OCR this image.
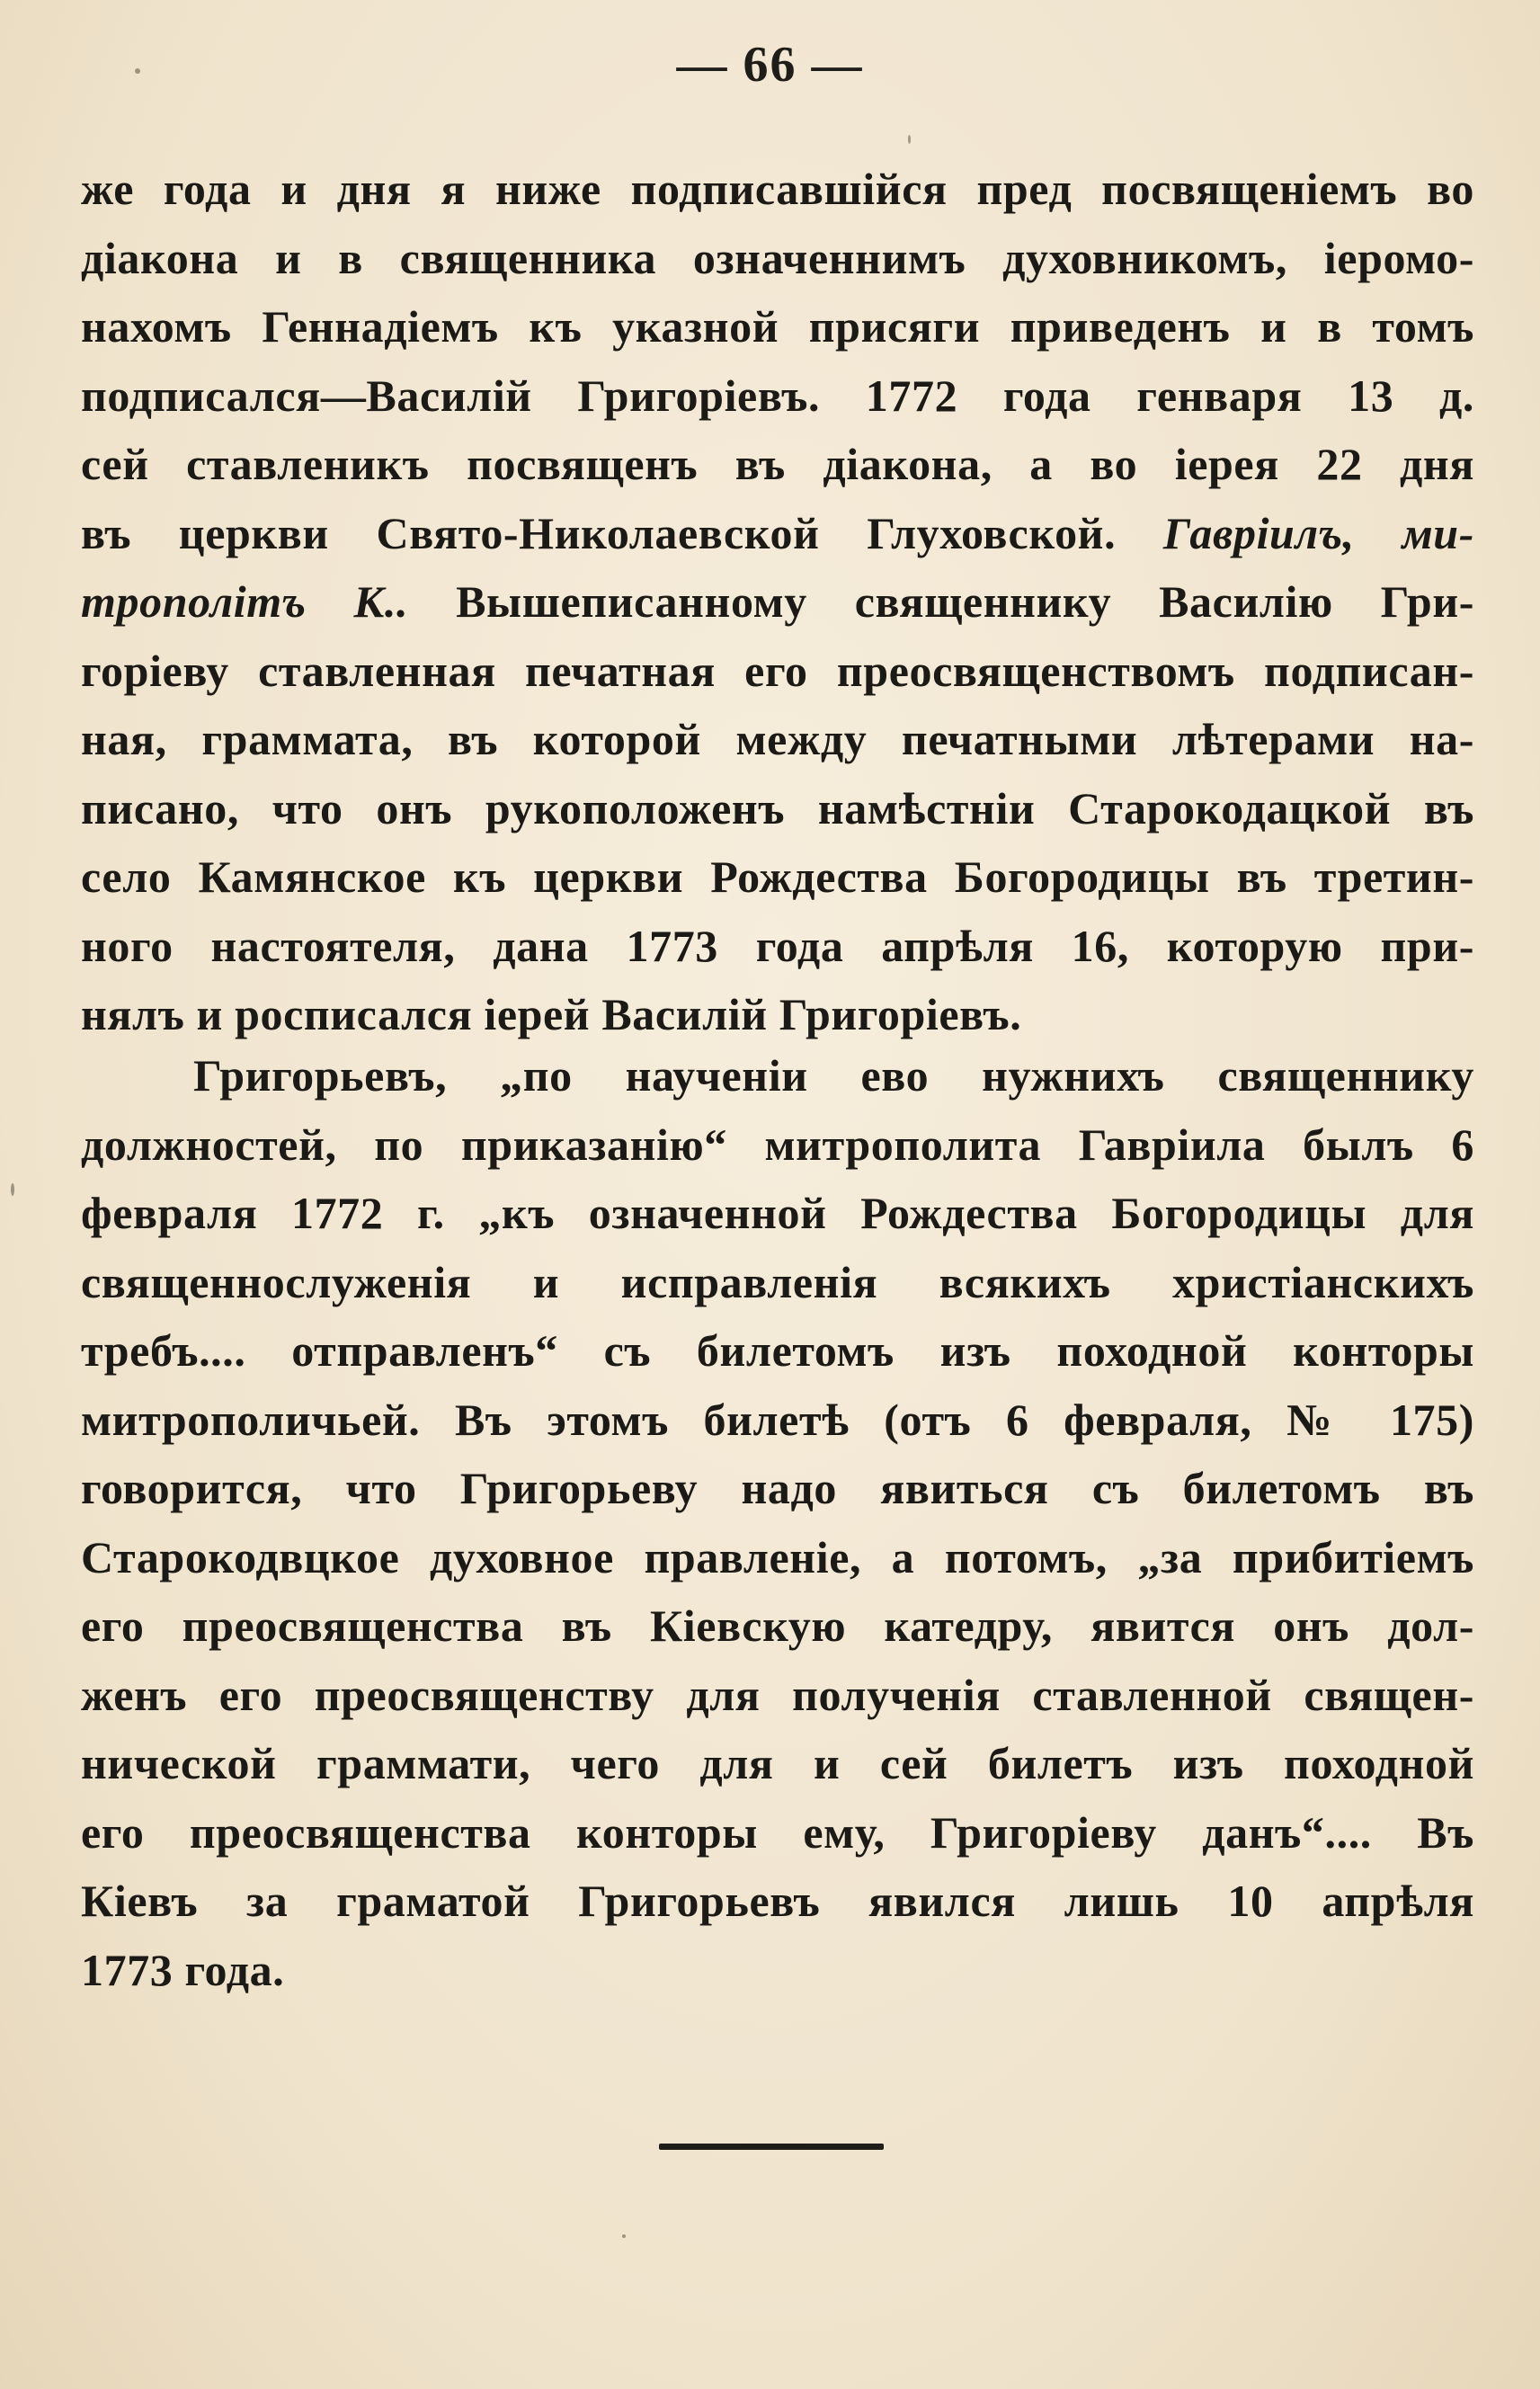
— 66 —
же года и дня я ниже подписавшійся пред посвященіемъ во
діакона и в священника означеннимъ духовникомъ, іеромо-
нахомъ Геннадіемъ къ указной присяги приведенъ и в томъ
подписался—Василій Григоріевъ. 1772 года генваря 13 д.
сей ставленикъ посвященъ въ діакона, а во іерея 22 дня
въ церкви Свято-Николаевской Глуховской. Гавріилъ, ми-
трополітъ К.. Вышеписанному священнику Василію Гри-
горіеву ставленная печатная его преосвященствомъ подписан-
ная, граммата, въ которой между печатными лѣтерами на-
писано, что онъ рукоположенъ намѣстніи Старокодацкой въ
село Камянское къ церкви Рождества Богородицы въ третин-
ного настоятеля, дана 1773 года апрѣля 16, которую при-
нялъ и росписался іерей Василій Григоріевъ.
Григорьевъ, „по наученіи ево нужнихъ священнику
должностей, по приказанію“ митрополита Гавріила былъ 6
февраля 1772 г. „къ означенной Рождества Богородицы для
священнослуженія и исправленія всякихъ христіанскихъ
требъ.... отправленъ“ съ билетомъ изъ походной конторы
митрополичьей. Въ этомъ билетѣ (отъ 6 февраля, № 175)
говорится, что Григорьеву надо явиться съ билетомъ въ
Старокодвцкое духовное правленіе, а потомъ, „за прибитіемъ
его преосвященства въ Кіевскую катедру, явится онъ дол-
женъ его преосвященству для полученія ставленной священ-
нической граммати, чего для и сей билетъ изъ походной
его преосвященства конторы ему, Григоріеву данъ“.... Въ
Кіевъ за граматой Григорьевъ явился лишь 10 апрѣля
1773 года.
